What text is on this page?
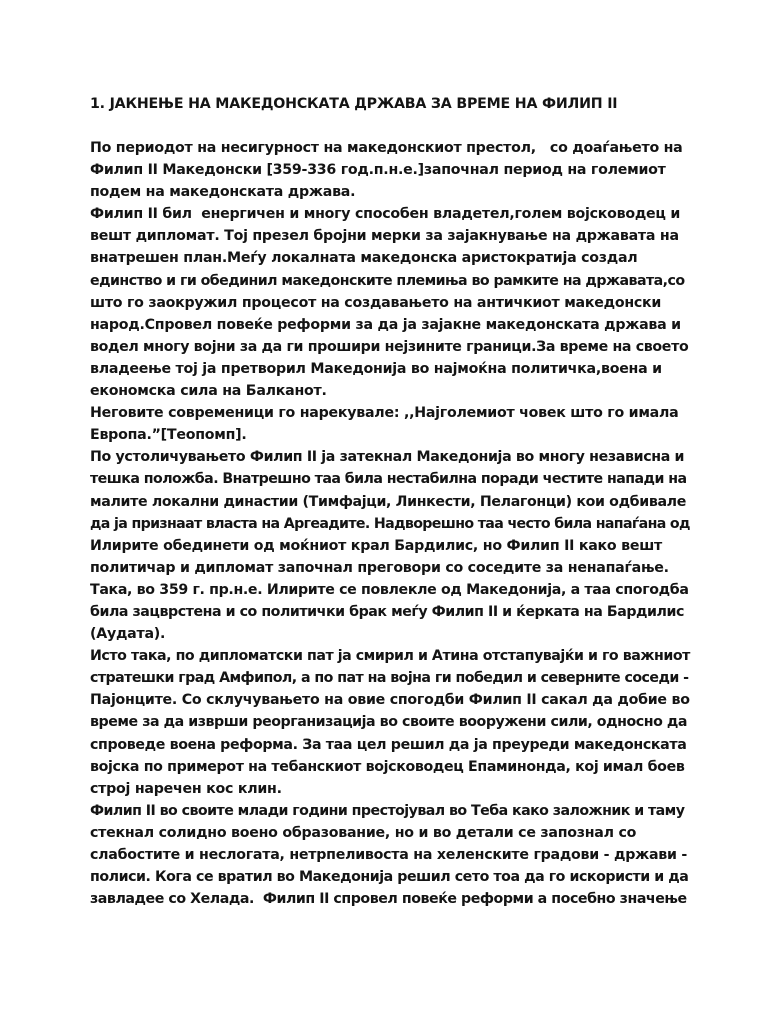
1. ЈАКНЕЊЕ НА МАКЕДОНСКАТА ДРЖАВА ЗА ВРЕМЕ НА ФИЛИП II
По периодот на несигурност на македонскиот престол,   со доаѓањето на
Филип II Македонски [359-336 год.п.н.е.]започнал период на големиот
подем на македонската држава.
Филип II бил  енергичен и многу способен владетел,голем војсководец и
вешт дипломат. Тој презел бројни мерки за зајакнување на државата на
внатрешен план.Меѓу локалната македонска аристократија создал
единство и ги обединил македонските племиња во рамките на државата,со
што го заокружил процесот на создавањето на античкиот македонски
народ.Спровел повеќе реформи за да ја зајакне македонската држава и
водел многу војни за да ги прошири нејзините граници.За време на своето
владеење тој ја претворил Македонија во најмоќна политичка,воена и
економска сила на Балканот.
Неговите современици го нарекувале: ,,Најголемиот човек што го имала
Европа.”[Теопомп].
По устоличувањето Филип II ја затекнал Македонија во многу независна и
тешка положба. Внатрешно таа била нестабилна поради честите напади на
малите локални династии (Тимфајци, Линкести, Пелагонци) кои одбивале
да ја признаат власта на Аргеадите. Надворешно таа често била напаѓана од
Илирите обединети од моќниот крал Бардилис, но Филип II како вешт
политичар и дипломат започнал преговори со соседите за ненапаѓање.
Така, во 359 г. пр.н.е. Илирите се повлекле од Македонија, а таа спогодба
била зацврстена и со политички брак меѓу Филип II и ќерката на Бардилис
(Аудата).
Исто така, по дипломатски пат ја смирил и Атина отстапувајќи и го важниот
стратешки град Амфипол, а по пат на војна ги победил и северните соседи -
Пајонците. Со склучувањето на овие спогодби Филип II сакал да добие во
време за да изврши реорганизација во своите вооружени сили, односно да
спроведе воена реформа. За таа цел решил да ја преуреди македонската
војска по примерот на тебанскиот војсководец Епаминонда, кој имал боев
строј наречен кос клин.
Филип II во своите млади години престојувал во Теба како заложник и таму
стекнал солидно воено образование, но и во детали се запознал со
слабостите и неслогата, нетрпеливоста на хеленските градови - држави -
полиси. Кога се вратил во Македонија решил сето тоа да го искористи и да
завладее со Хелада.  Филип II спровел повеќе реформи а посебно значење
